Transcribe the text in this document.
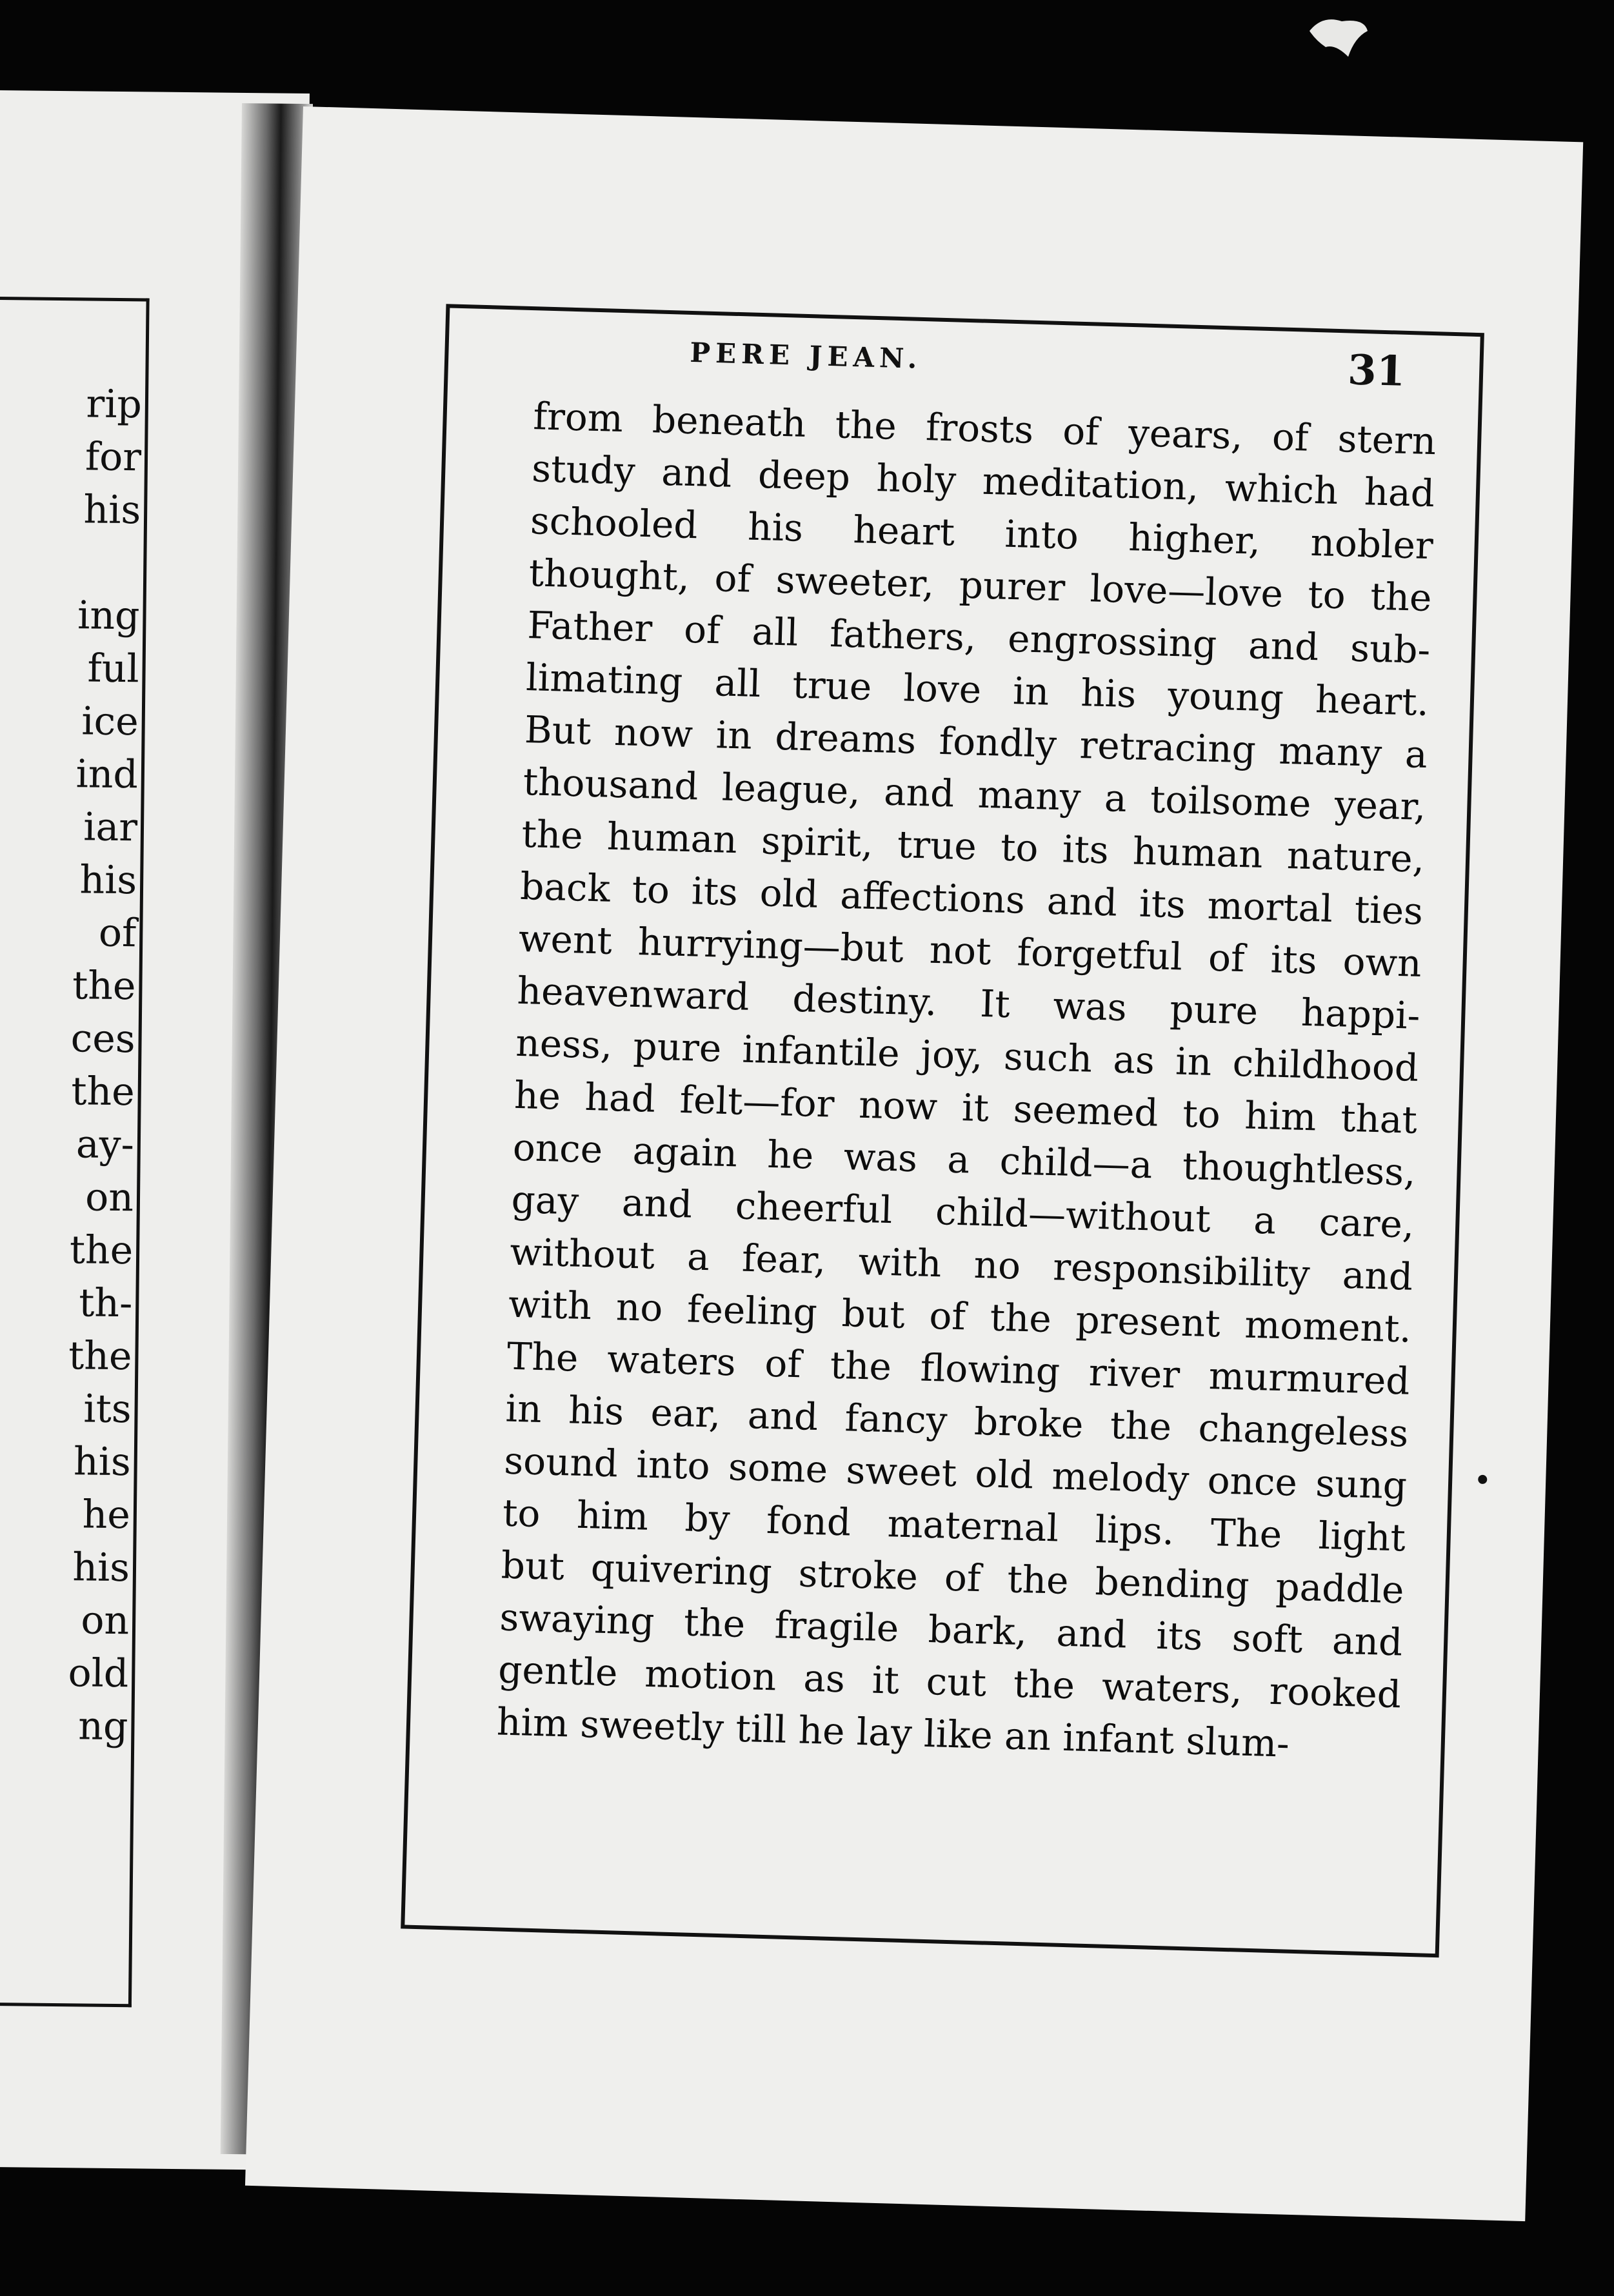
rip
for
his
ing
ful
ice
ind
iar
his
of
the
ces
the
ay-
on
the
th-
the
its
his
he
his
on
old
ng
PERE JEAN.	31
from beneath the frosts of years, of stern
study and deep holy meditation, which had
schooled his heart into higher, nobler
thought, of sweeter, purer love—love to the
Father of all fathers, engrossing and sub-
limating all true love in his young heart.
But now in dreams fondly retracing many a
thousand league, and many a toilsome year,
the human spirit, true to its human nature,
back to its old affections and its mortal ties
went hurrying—but not forgetful of its own
heavenward destiny. It was pure happi-
ness, pure infantile joy, such as in childhood
he had felt—for now it seemed to him that
once again he was a child—a thoughtless,
gay and cheerful child—without a care,
without a fear, with no responsibility and
with no feeling but of the present moment.
The waters of the flowing river murmured
in his ear, and fancy broke the changeless
sound into some sweet old melody once sung
to him by fond maternal lips. The light
but quivering stroke of the bending paddle
swaying the fragile bark, and its soft and
gentle motion as it cut the waters, rooked
him sweetly till he lay like an infant slum-
